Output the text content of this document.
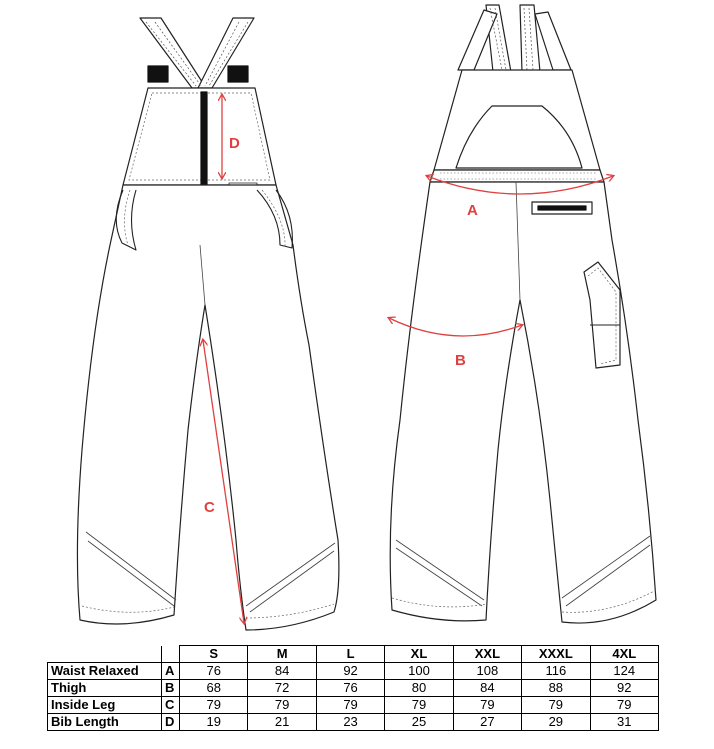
D
C
A
B
		S	M	L	XL	XXL	XXXL	4XL
Waist Relaxed	A	76	84	92	100	108	116	124
Thigh	B	68	72	76	80	84	88	92
Inside Leg	C	79	79	79	79	79	79	79
Bib Length	D	19	21	23	25	27	29	31
